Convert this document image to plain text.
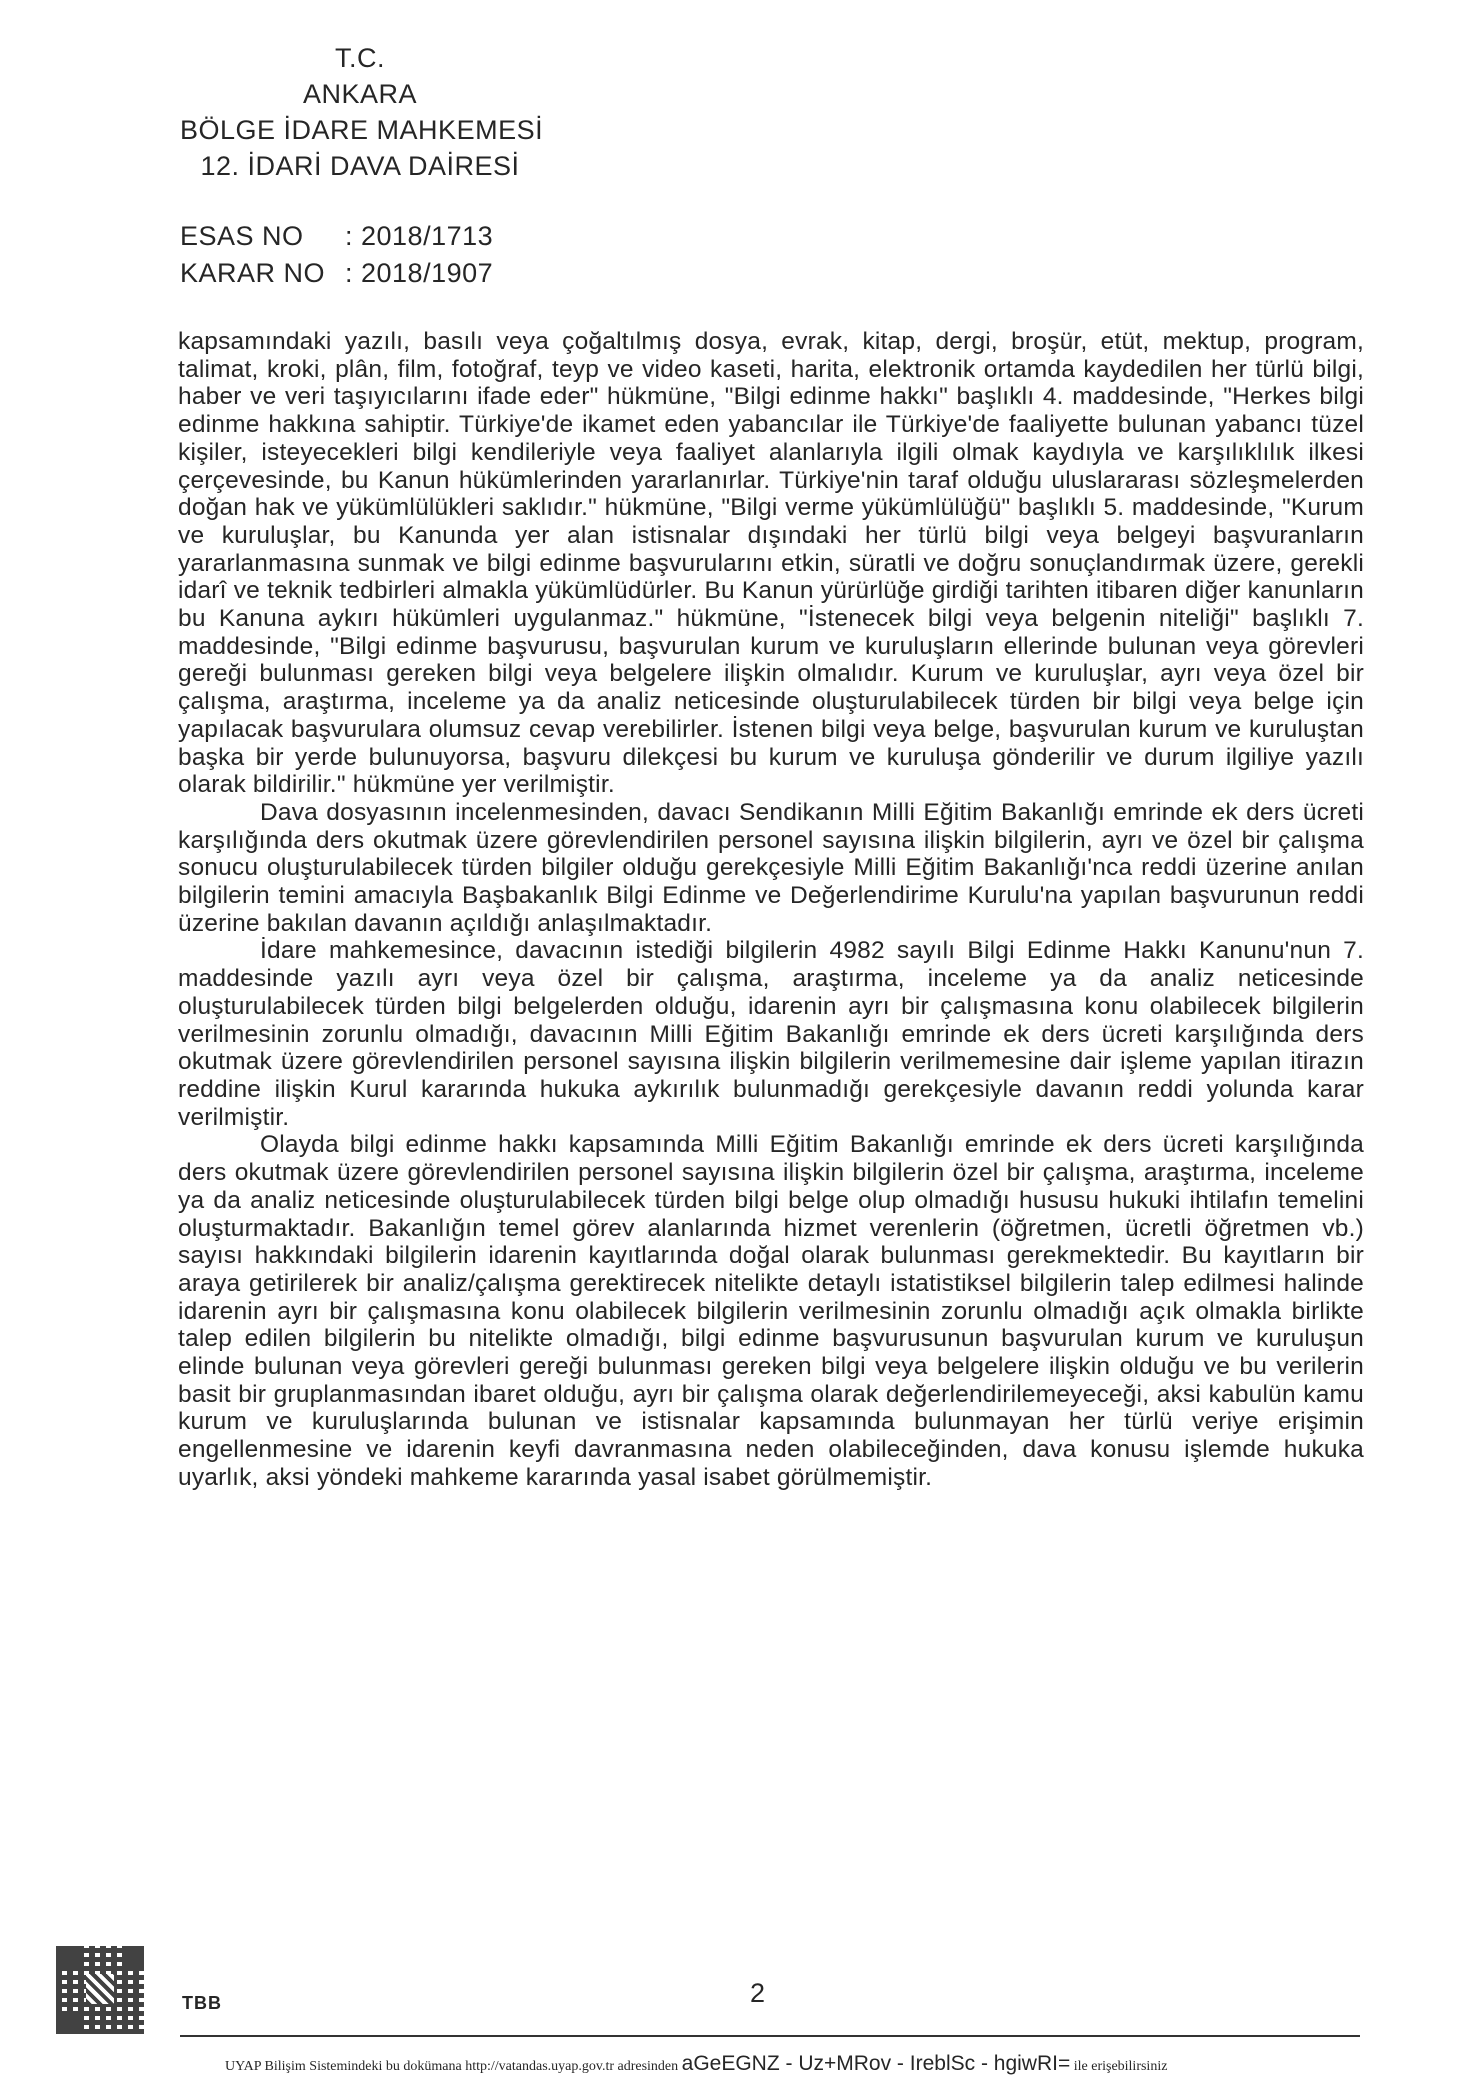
T.C.
ANKARA
BÖLGE İDARE MAHKEMESİ
12. İDARİ DAVA DAİRESİ
ESAS NO	: 2018/1713
KARAR NO : 2018/1907

kapsamındaki yazılı, basılı veya çoğaltılmış dosya, evrak, kitap, dergi, broşür, etüt, mektup, program, talimat, kroki, plân, film, fotoğraf, teyp ve video kaseti, harita, elektronik ortamda kaydedilen her türlü bilgi, haber ve veri taşıyıcılarını ifade eder" hükmüne, "Bilgi edinme hakkı" başlıklı 4. maddesinde, "Herkes bilgi edinme hakkına sahiptir. Türkiye'de ikamet eden yabancılar ile Türkiye'de faaliyette bulunan yabancı tüzel kişiler, isteyecekleri bilgi kendileriyle veya faaliyet alanlarıyla ilgili olmak kaydıyla ve karşılıklılık ilkesi çerçevesinde, bu Kanun hükümlerinden yararlanırlar. Türkiye'nin taraf olduğu uluslararası sözleşmelerden doğan hak ve yükümlülükleri saklıdır." hükmüne, "Bilgi verme yükümlülüğü" başlıklı 5. maddesinde, "Kurum ve kuruluşlar, bu Kanunda yer alan istisnalar dışındaki her türlü bilgi veya belgeyi başvuranların yararlanmasına sunmak ve bilgi edinme başvurularını etkin, süratli ve doğru sonuçlandırmak üzere, gerekli idarî ve teknik tedbirleri almakla yükümlüdürler. Bu Kanun yürürlüğe girdiği tarihten itibaren diğer kanunların bu Kanuna aykırı hükümleri uygulanmaz." hükmüne, "İstenecek bilgi veya belgenin niteliği" başlıklı 7. maddesinde, "Bilgi edinme başvurusu, başvurulan kurum ve kuruluşların ellerinde bulunan veya görevleri gereği bulunması gereken bilgi veya belgelere ilişkin olmalıdır. Kurum ve kuruluşlar, ayrı veya özel bir çalışma, araştırma, inceleme ya da analiz neticesinde oluşturulabilecek türden bir bilgi veya belge için yapılacak başvurulara olumsuz cevap verebilirler. İstenen bilgi veya belge, başvurulan kurum ve kuruluştan başka bir yerde bulunuyorsa, başvuru dilekçesi bu kurum ve kuruluşa gönderilir ve durum ilgiliye yazılı olarak bildirilir." hükmüne yer verilmiştir.

Dava dosyasının incelenmesinden, davacı Sendikanın Milli Eğitim Bakanlığı emrinde ek ders ücreti karşılığında ders okutmak üzere görevlendirilen personel sayısına ilişkin bilgilerin, ayrı ve özel bir çalışma sonucu oluşturulabilecek türden bilgiler olduğu gerekçesiyle Milli Eğitim Bakanlığı'nca reddi üzerine anılan bilgilerin temini amacıyla Başbakanlık Bilgi Edinme ve Değerlendirime Kurulu'na yapılan başvurunun reddi üzerine bakılan davanın açıldığı anlaşılmaktadır.

İdare mahkemesince, davacının istediği bilgilerin 4982 sayılı Bilgi Edinme Hakkı Kanunu'nun 7. maddesinde yazılı ayrı veya özel bir çalışma, araştırma, inceleme ya da analiz neticesinde oluşturulabilecek türden bilgi belgelerden olduğu, idarenin ayrı bir çalışmasına konu olabilecek bilgilerin verilmesinin zorunlu olmadığı, davacının Milli Eğitim Bakanlığı emrinde ek ders ücreti karşılığında ders okutmak üzere görevlendirilen personel sayısına ilişkin bilgilerin verilmemesine dair işleme yapılan itirazın reddine ilişkin Kurul kararında hukuka aykırılık bulunmadığı gerekçesiyle davanın reddi yolunda karar verilmiştir.

Olayda bilgi edinme hakkı kapsamında Milli Eğitim Bakanlığı emrinde ek ders ücreti karşılığında ders okutmak üzere görevlendirilen personel sayısına ilişkin bilgilerin özel bir çalışma, araştırma, inceleme ya da analiz neticesinde oluşturulabilecek türden bilgi belge olup olmadığı hususu hukuki ihtilafın temelini oluşturmaktadır. Bakanlığın temel görev alanlarında hizmet verenlerin (öğretmen, ücretli öğretmen vb.) sayısı hakkındaki bilgilerin idarenin kayıtlarında doğal olarak bulunması gerekmektedir. Bu kayıtların bir araya getirilerek bir analiz/çalışma gerektirecek nitelikte detaylı istatistiksel bilgilerin talep edilmesi halinde idarenin ayrı bir çalışmasına konu olabilecek bilgilerin verilmesinin zorunlu olmadığı açık olmakla birlikte talep edilen bilgilerin bu nitelikte olmadığı, bilgi edinme başvurusunun başvurulan kurum ve kuruluşun elinde bulunan veya görevleri gereği bulunması gereken bilgi veya belgelere ilişkin olduğu ve bu verilerin basit bir gruplanmasından ibaret olduğu, ayrı bir çalışma olarak değerlendirilemeyeceği, aksi kabulün kamu kurum ve kuruluşlarında bulunan ve istisnalar kapsamında bulunmayan her türlü veriye erişimin engellenmesine ve idarenin keyfi davranmasına neden olabileceğinden, dava konusu işlemde hukuka uyarlık, aksi yöndeki mahkeme kararında yasal isabet görülmemiştir.

TBB	2
UYAP Bilişim Sistemindeki bu dokümana http://vatandas.uyap.gov.tr adresinden aGeEGNZ - Uz+MRov - IreblSc - hgiwRI= ile erişebilirsiniz
